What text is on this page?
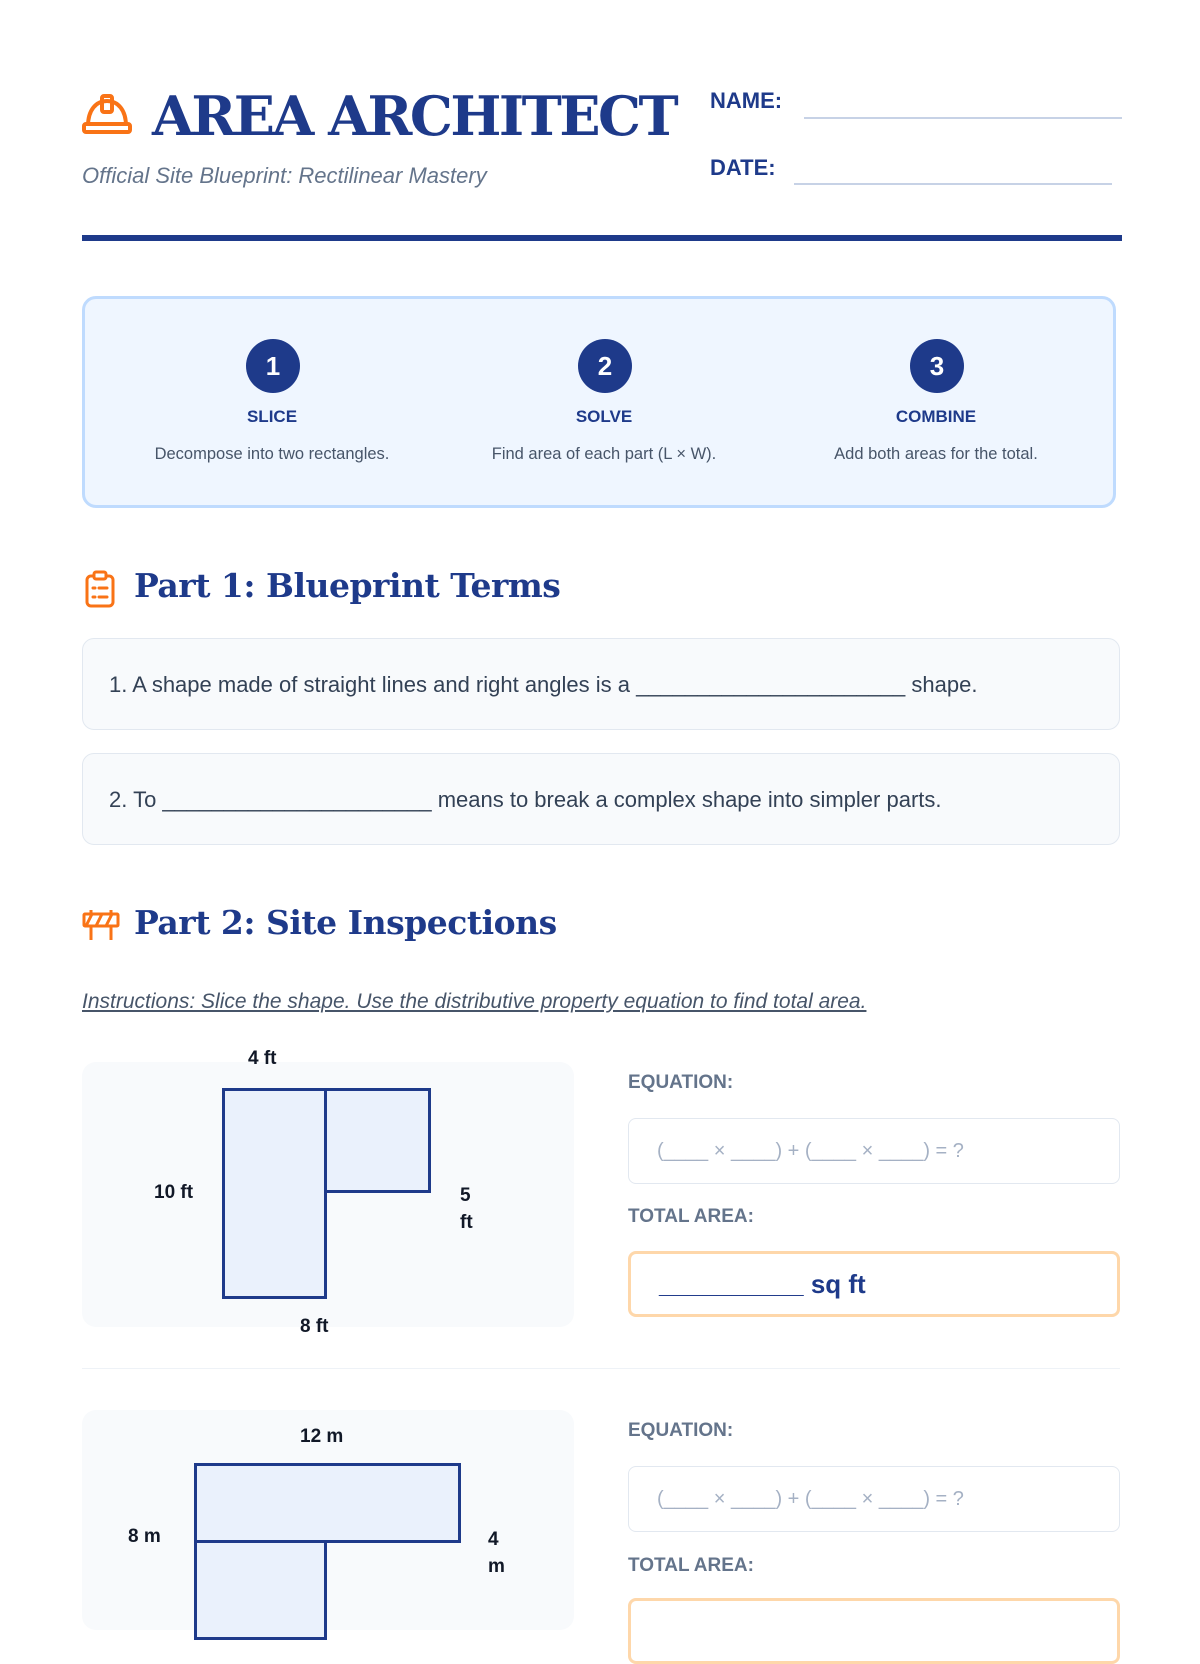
AREA ARCHITECT
Official Site Blueprint: Rectilinear Mastery
NAME:
DATE:
1
SLICE
Decompose into two rectangles.
2
SOLVE
Find area of each part (L × W).
3
COMBINE
Add both areas for the total.
Part 1: Blueprint Terms
1. A shape made of straight lines and right angles is a ______________________ shape.
2. To ______________________ means to break a complex shape into simpler parts.
Part 2: Site Inspections
Instructions: Slice the shape. Use the distributive property equation to find total area.
4 ft
10 ft	5 ft
8 ft
EQUATION:
(____ × ____) + (____ × ____) = ?
TOTAL AREA:
__________ sq ft
12 m
8 m	4 m
EQUATION:
(____ × ____) + (____ × ____) = ?
TOTAL AREA:
